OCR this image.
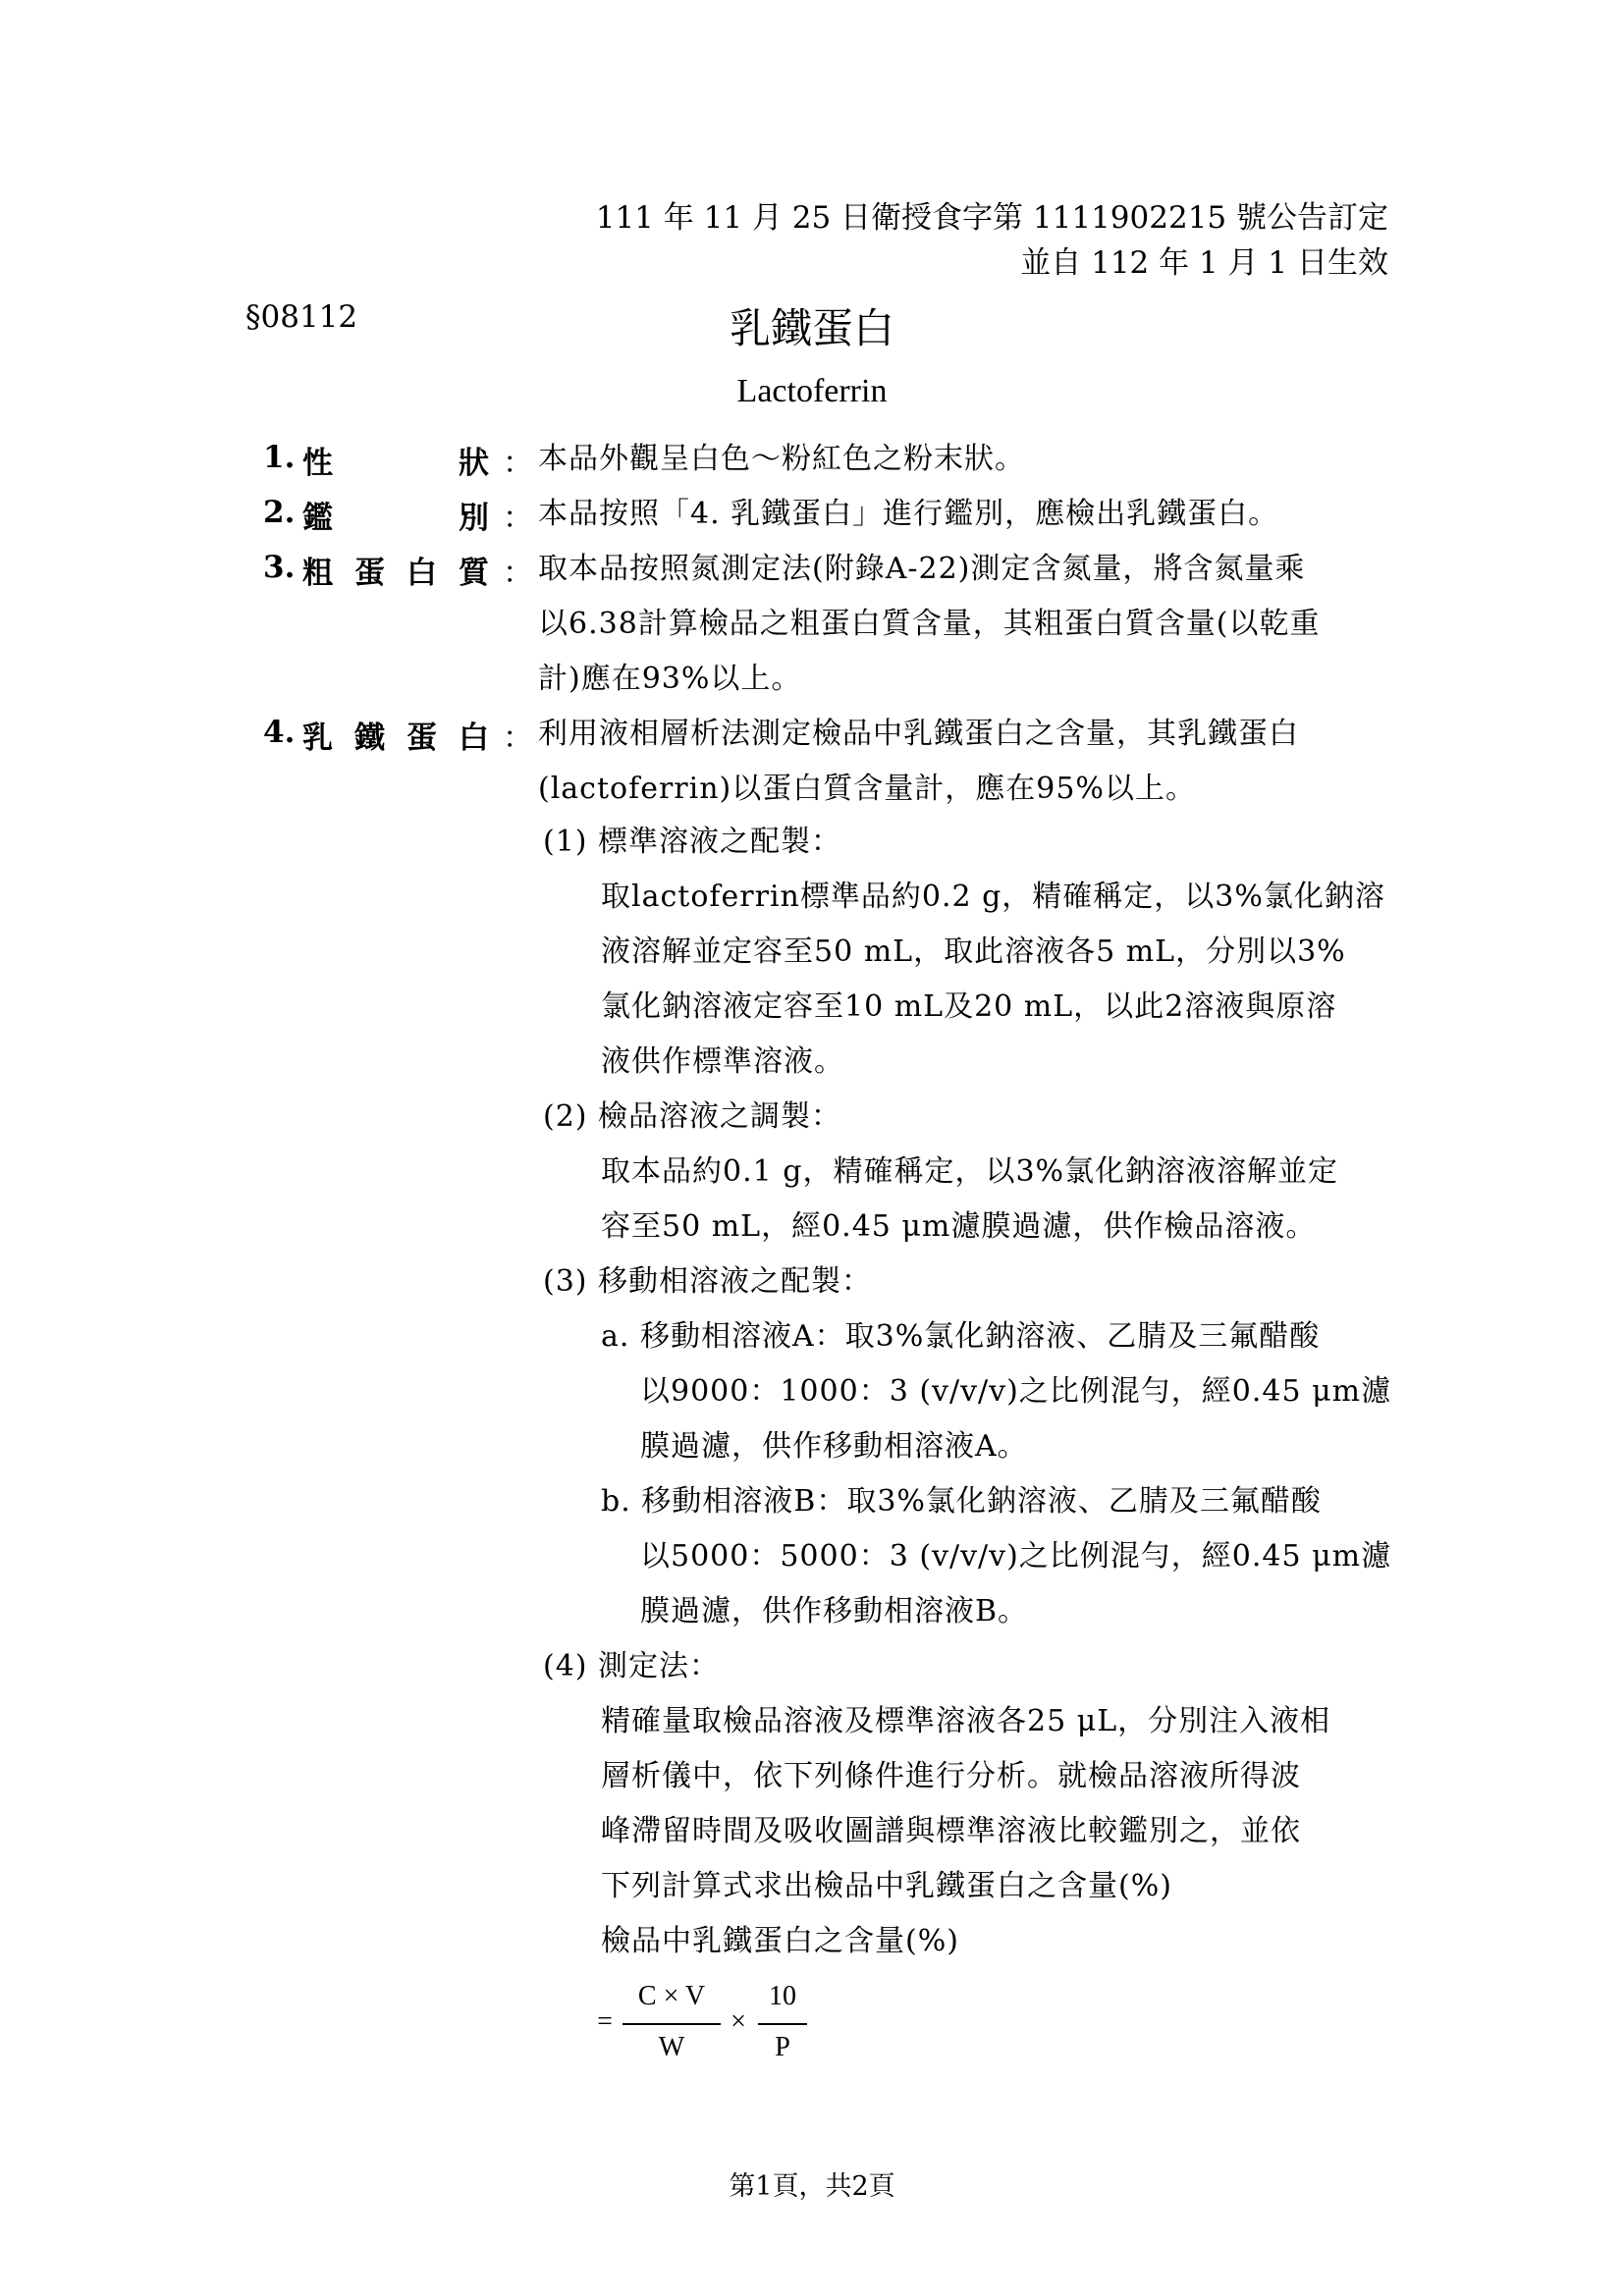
111 年 11 月 25 日衛授食字第 1111902215 號公告訂定
並自 112 年 1 月 1 日生效
§08112	乳鐵蛋白
Lactoferrin
1. 性	狀 ： 本品外觀呈白色～粉紅色之粉末狀。
2. 鑑	別 ： 本品按照「4. 乳鐵蛋白」進行鑑別，應檢出乳鐵蛋白。
3. 粗 蛋 白 質 ： 取本品按照氮測定法(附錄A-22)測定含氮量，將含氮量乘
以6.38計算檢品之粗蛋白質含量，其粗蛋白質含量(以乾重
計)應在93%以上。
4. 乳 鐵 蛋 白 ： 利用液相層析法測定檢品中乳鐵蛋白之含量，其乳鐵蛋白
(lactoferrin)以蛋白質含量計，應在95%以上。
(1) 標準溶液之配製：
取lactoferrin標準品約0.2 g，精確稱定，以3%氯化鈉溶
液溶解並定容至50 mL，取此溶液各5 mL，分別以3%
氯化鈉溶液定容至10 mL及20 mL，以此2溶液與原溶
液供作標準溶液。
(2) 檢品溶液之調製：
取本品約0.1 g，精確稱定，以3%氯化鈉溶液溶解並定
容至50 mL，經0.45 μm濾膜過濾，供作檢品溶液。
(3) 移動相溶液之配製：
a. 移動相溶液A：取3%氯化鈉溶液、乙腈及三氟醋酸
以9000：1000：3 (v/v/v)之比例混勻，經0.45 μm濾
膜過濾，供作移動相溶液A。
b. 移動相溶液B：取3%氯化鈉溶液、乙腈及三氟醋酸
以5000：5000：3 (v/v/v)之比例混勻，經0.45 μm濾
膜過濾，供作移動相溶液B。
(4) 測定法：
精確量取檢品溶液及標準溶液各25 μL，分別注入液相
層析儀中，依下列條件進行分析。就檢品溶液所得波
峰滯留時間及吸收圖譜與標準溶液比較鑑別之，並依
下列計算式求出檢品中乳鐵蛋白之含量(%)
檢品中乳鐵蛋白之含量(%)
=
C × V
W
×
10
P
第1頁，共2頁
